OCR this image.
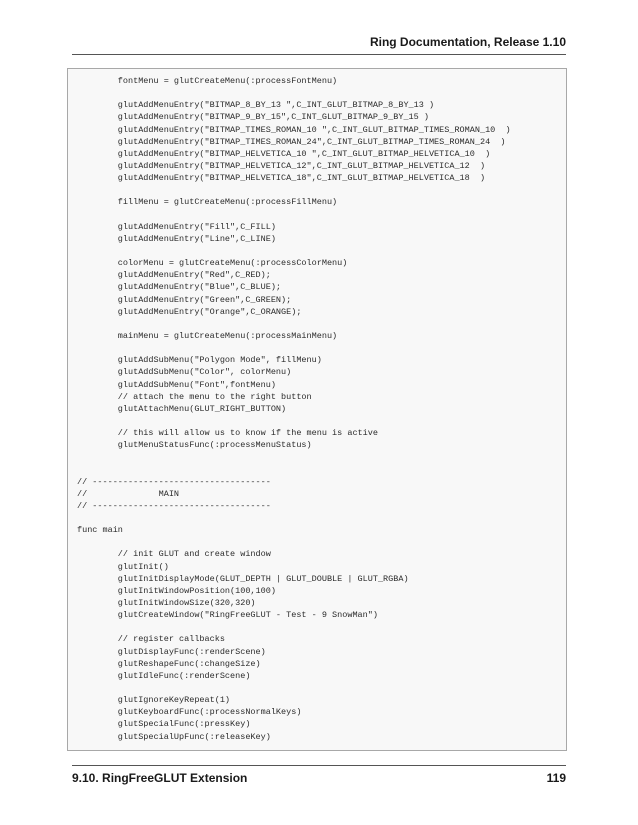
Ring Documentation, Release 1.10
fontMenu = glutCreateMenu(:processFontMenu)
glutAddMenuEntry("BITMAP_8_BY_13 ",C_INT_GLUT_BITMAP_8_BY_13 )
glutAddMenuEntry("BITMAP_9_BY_15",C_INT_GLUT_BITMAP_9_BY_15 )
glutAddMenuEntry("BITMAP_TIMES_ROMAN_10 ",C_INT_GLUT_BITMAP_TIMES_ROMAN_10  )
glutAddMenuEntry("BITMAP_TIMES_ROMAN_24",C_INT_GLUT_BITMAP_TIMES_ROMAN_24  )
glutAddMenuEntry("BITMAP_HELVETICA_10 ",C_INT_GLUT_BITMAP_HELVETICA_10  )
glutAddMenuEntry("BITMAP_HELVETICA_12",C_INT_GLUT_BITMAP_HELVETICA_12  )
glutAddMenuEntry("BITMAP_HELVETICA_18",C_INT_GLUT_BITMAP_HELVETICA_18  )
fillMenu = glutCreateMenu(:processFillMenu)
glutAddMenuEntry("Fill",C_FILL)
glutAddMenuEntry("Line",C_LINE)
colorMenu = glutCreateMenu(:processColorMenu)
glutAddMenuEntry("Red",C_RED);
glutAddMenuEntry("Blue",C_BLUE);
glutAddMenuEntry("Green",C_GREEN);
glutAddMenuEntry("Orange",C_ORANGE);
mainMenu = glutCreateMenu(:processMainMenu)
glutAddSubMenu("Polygon Mode", fillMenu)
glutAddSubMenu("Color", colorMenu)
glutAddSubMenu("Font",fontMenu)
// attach the menu to the right button
glutAttachMenu(GLUT_RIGHT_BUTTON)
// this will allow us to know if the menu is active
glutMenuStatusFunc(:processMenuStatus)
// -----------------------------------
//              MAIN
// -----------------------------------
func main
// init GLUT and create window
glutInit()
glutInitDisplayMode(GLUT_DEPTH | GLUT_DOUBLE | GLUT_RGBA)
glutInitWindowPosition(100,100)
glutInitWindowSize(320,320)
glutCreateWindow("RingFreeGLUT - Test - 9 SnowMan")
// register callbacks
glutDisplayFunc(:renderScene)
glutReshapeFunc(:changeSize)
glutIdleFunc(:renderScene)
glutIgnoreKeyRepeat(1)
glutKeyboardFunc(:processNormalKeys)
glutSpecialFunc(:pressKey)
glutSpecialUpFunc(:releaseKey)
9.10. RingFreeGLUT Extension	119
